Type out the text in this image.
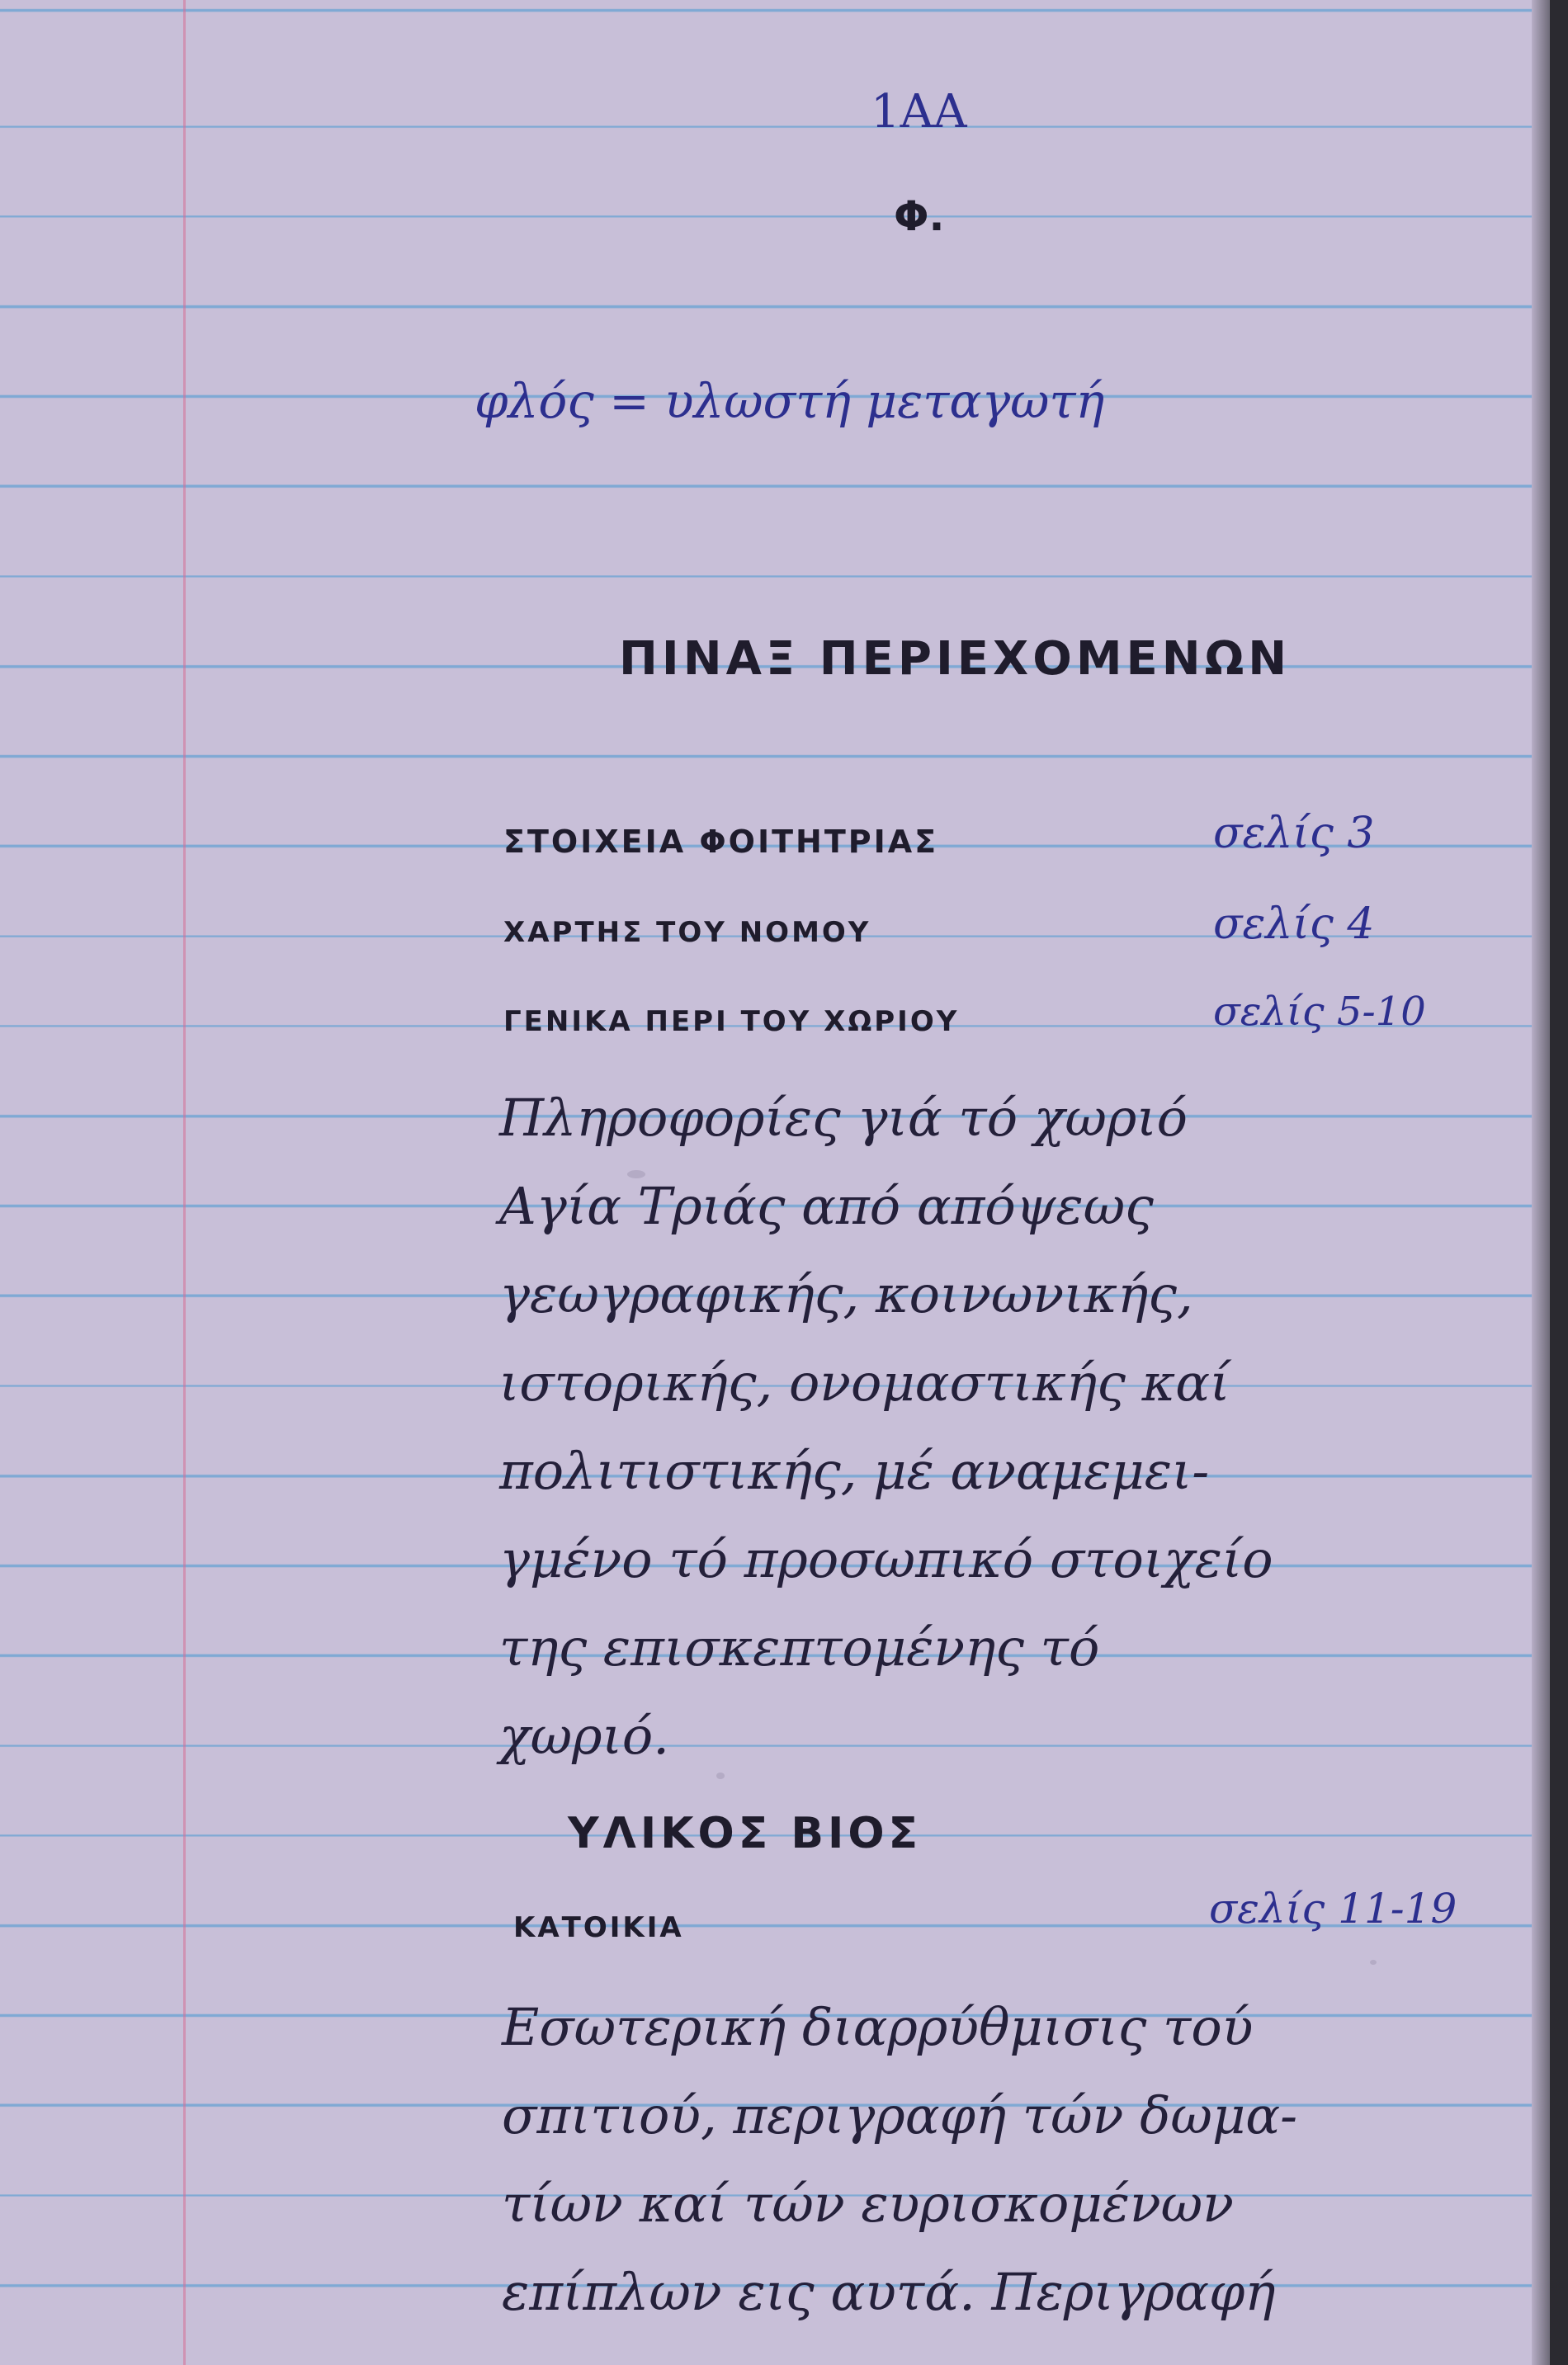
1ΑΑ
Φ.
φλός = υλωστή μεταγωτή
ΠΙΝΑΞ ΠΕΡΙΕΧΟΜΕΝΩΝ
ΣΤΟΙΧΕΙΑ ΦΟΙΤΗΤΡΙΑΣ	σελίς 3
ΧΑΡΤΗΣ ΤΟΥ ΝΟΜΟΥ	σελίς 4
ΓΕΝΙΚΑ ΠΕΡΙ ΤΟΥ ΧΩΡΙΟΥ	σελίς 5-10
Πληροφορίες γιά τό χωριό
Αγία Τριάς από απόψεως
γεωγραφικής, κοινωνικής,
ιστορικής, ονομαστικής καί
πολιτιστικής, μέ αναμεμει-
γμένο τό προσωπικό στοιχείο
της επισκεπτομένης τό
χωριό.
ΥΛΙΚΟΣ ΒΙΟΣ
ΚΑΤΟΙΚΙΑ	σελίς 11-19
Εσωτερική διαρρύθμισις τού
σπιτιού, περιγραφή τών δωμα-
τίων καί τών ευρισκομένων
επίπλων εις αυτά. Περιγραφή
